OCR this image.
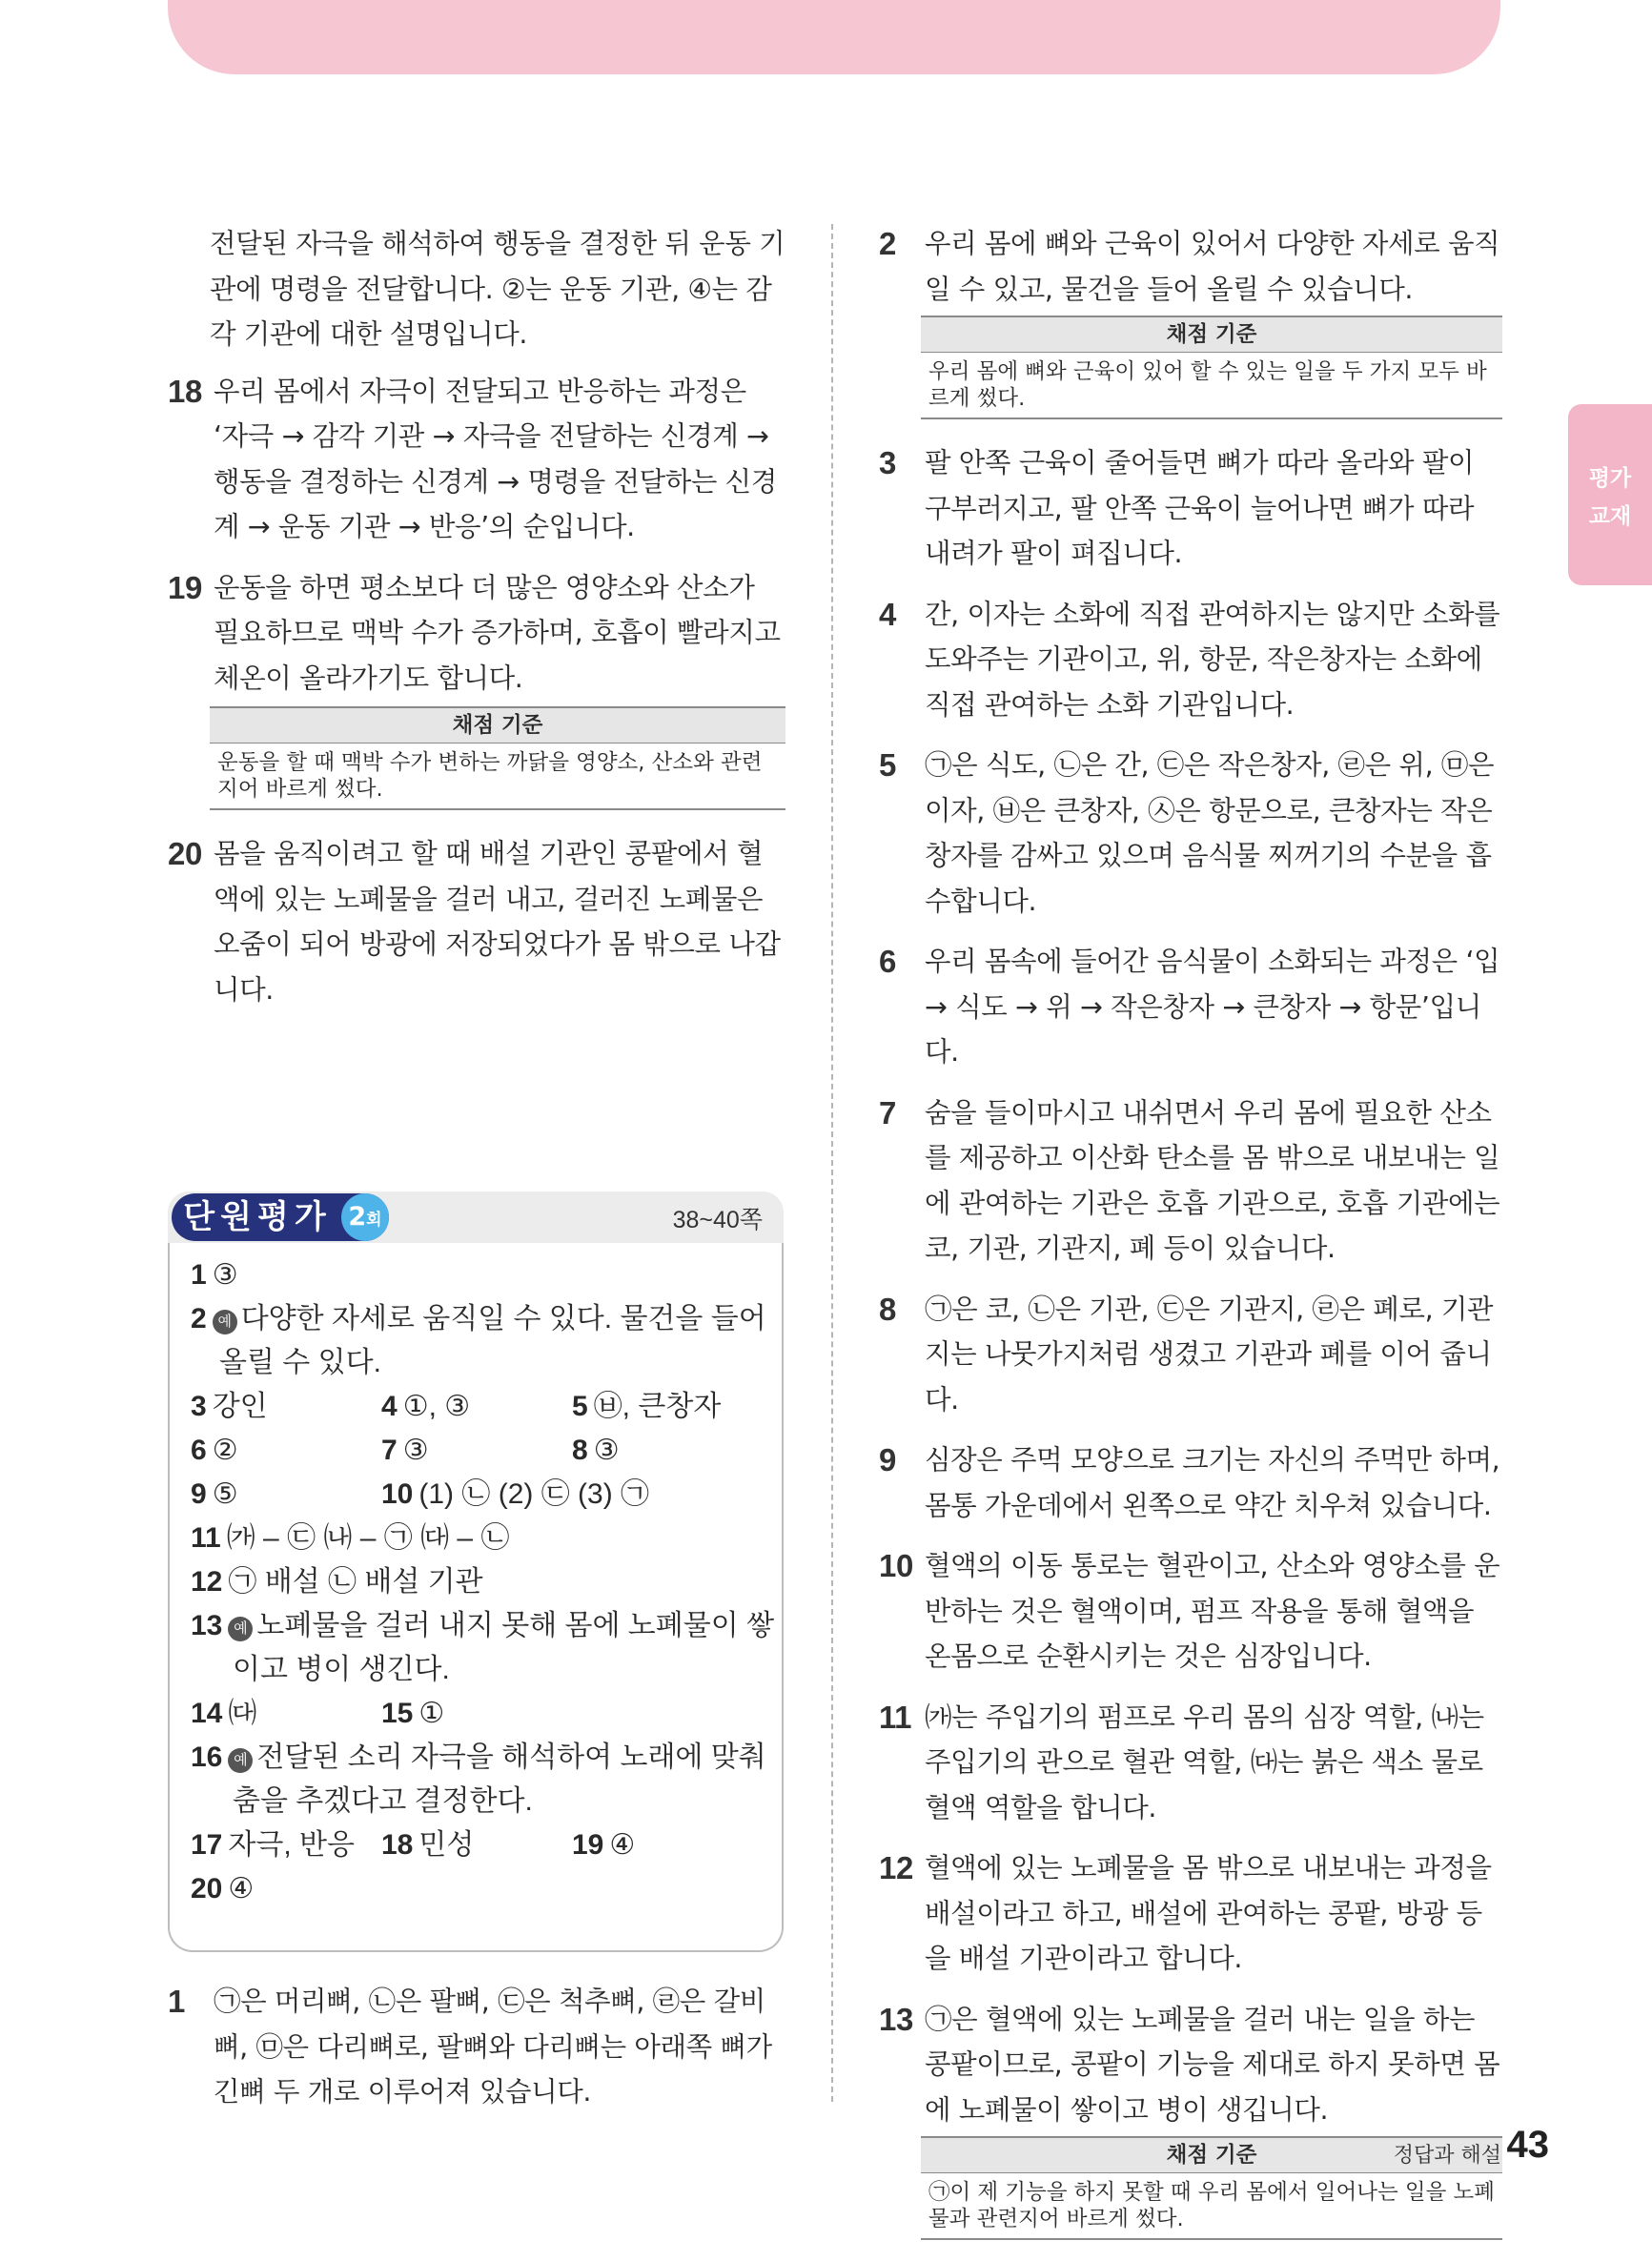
평가
교재
전달된 자극을 해석하여 행동을 결정한 뒤 운동 기관에 명령을 전달합니다. ②는 운동 기관, ④는 감각 기관에 대한 설명입니다.
18 우리 몸에서 자극이 전달되고 반응하는 과정은 ‘자극 → 감각 기관 → 자극을 전달하는 신경계 → 행동을 결정하는 신경계 → 명령을 전달하는 신경계 → 운동 기관 → 반응’의 순입니다.
19 운동을 하면 평소보다 더 많은 영양소와 산소가 필요하므로 맥박 수가 증가하며, 호흡이 빨라지고 체온이 올라가기도 합니다.
채점 기준
운동을 할 때 맥박 수가 변하는 까닭을 영양소, 산소와 관련지어 바르게 썼다.
20 몸을 움직이려고 할 때 배설 기관인 콩팥에서 혈액에 있는 노폐물을 걸러 내고, 걸러진 노폐물은 오줌이 되어 방광에 저장되었다가 몸 밖으로 나갑니다.
단원평가 2회	38~40쪽
1 ③
2 예 다양한 자세로 움직일 수 있다. 물건을 들어
올릴 수 있다.
3 강인	4 ①, ③	5 ㉥, 큰창자
6 ②	7 ③	8 ③
9 ⑤	10 (1) ㉡ (2) ㉢ (3) ㉠
11 ㈎ – ㉢ ㈏ – ㉠ ㈐ – ㉡
12 ㉠ 배설 ㉡ 배설 기관
13 예 노폐물을 걸러 내지 못해 몸에 노폐물이 쌓
이고 병이 생긴다.
14 ㈐	15 ①
16 예 전달된 소리 자극을 해석하여 노래에 맞춰
춤을 추겠다고 결정한다.
17 자극, 반응 18 민성	19 ④
20 ④
1 ㉠은 머리뼈, ㉡은 팔뼈, ㉢은 척추뼈, ㉣은 갈비뼈, ㉤은 다리뼈로, 팔뼈와 다리뼈는 아래쪽 뼈가 긴뼈 두 개로 이루어져 있습니다.
2 우리 몸에 뼈와 근육이 있어서 다양한 자세로 움직일 수 있고, 물건을 들어 올릴 수 있습니다.
채점 기준
우리 몸에 뼈와 근육이 있어 할 수 있는 일을 두 가지 모두 바르게 썼다.
3 팔 안쪽 근육이 줄어들면 뼈가 따라 올라와 팔이 구부러지고, 팔 안쪽 근육이 늘어나면 뼈가 따라 내려가 팔이 펴집니다.
4 간, 이자는 소화에 직접 관여하지는 않지만 소화를 도와주는 기관이고, 위, 항문, 작은창자는 소화에 직접 관여하는 소화 기관입니다.
5 ㉠은 식도, ㉡은 간, ㉢은 작은창자, ㉣은 위, ㉤은 이자, ㉥은 큰창자, ㉦은 항문으로, 큰창자는 작은창자를 감싸고 있으며 음식물 찌꺼기의 수분을 흡수합니다.
6 우리 몸속에 들어간 음식물이 소화되는 과정은 ‘입 → 식도 → 위 → 작은창자 → 큰창자 → 항문’입니다.
7 숨을 들이마시고 내쉬면서 우리 몸에 필요한 산소를 제공하고 이산화 탄소를 몸 밖으로 내보내는 일에 관여하는 기관은 호흡 기관으로, 호흡 기관에는 코, 기관, 기관지, 폐 등이 있습니다.
8 ㉠은 코, ㉡은 기관, ㉢은 기관지, ㉣은 폐로, 기관지는 나뭇가지처럼 생겼고 기관과 폐를 이어 줍니다.
9 심장은 주먹 모양으로 크기는 자신의 주먹만 하며, 몸통 가운데에서 왼쪽으로 약간 치우쳐 있습니다.
10 혈액의 이동 통로는 혈관이고, 산소와 영양소를 운반하는 것은 혈액이며, 펌프 작용을 통해 혈액을 온몸으로 순환시키는 것은 심장입니다.
11 ㈎는 주입기의 펌프로 우리 몸의 심장 역할, ㈏는 주입기의 관으로 혈관 역할, ㈐는 붉은 색소 물로 혈액 역할을 합니다.
12 혈액에 있는 노폐물을 몸 밖으로 내보내는 과정을 배설이라고 하고, 배설에 관여하는 콩팥, 방광 등을 배설 기관이라고 합니다.
13 ㉠은 혈액에 있는 노폐물을 걸러 내는 일을 하는 콩팥이므로, 콩팥이 기능을 제대로 하지 못하면 몸에 노폐물이 쌓이고 병이 생깁니다.
채점 기준
㉠이 제 기능을 하지 못할 때 우리 몸에서 일어나는 일을 노폐물과 관련지어 바르게 썼다.
정답과 해설 43
